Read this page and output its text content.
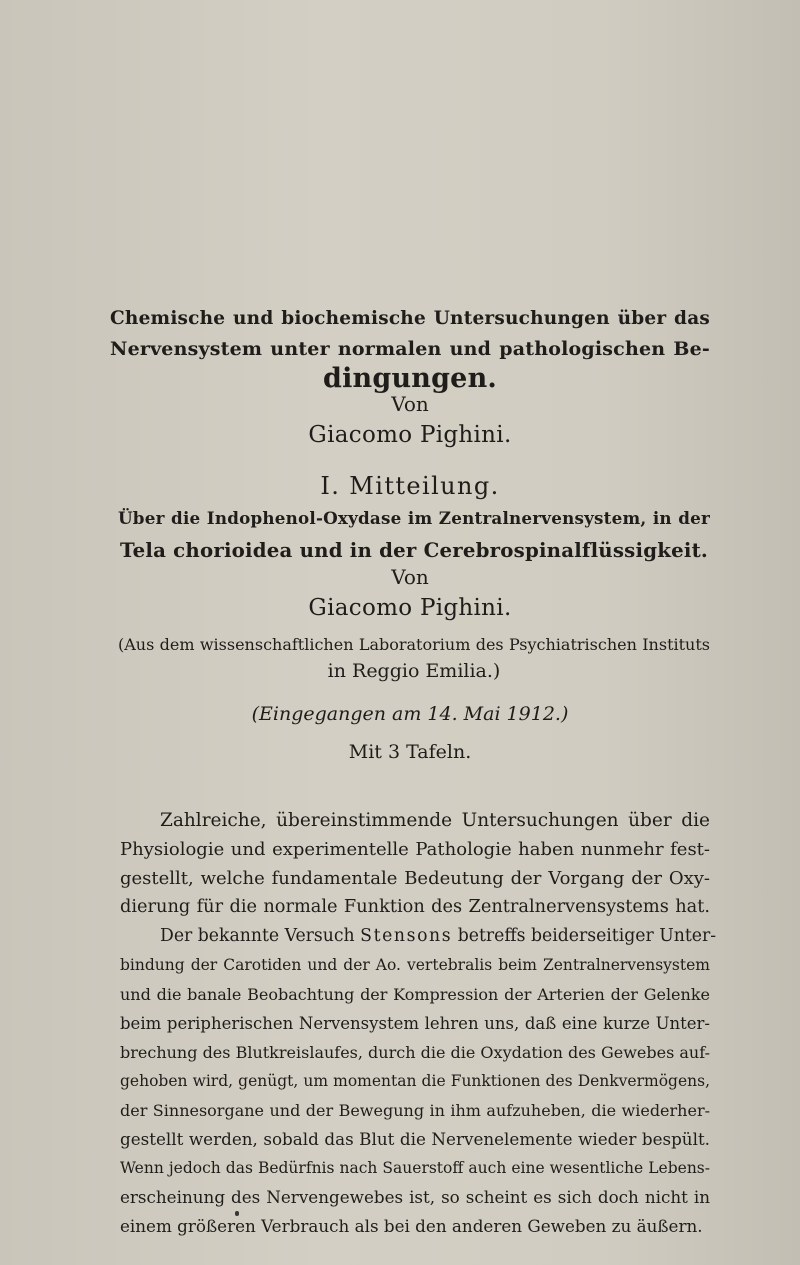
Chemische und biochemische Untersuchungen über das
Nervensystem unter normalen und pathologischen Be-
dingungen.
Von
Giacomo Pighini.
I. Mitteilung.
Über die Indophenol-Oxydase im Zentralnervensystem, in der
Tela chorioidea und in der Cerebrospinalflüssigkeit.
Von
Giacomo Pighini.
(Aus dem wissenschaftlichen Laboratorium des Psychiatrischen Instituts
in Reggio Emilia.)
(Eingegangen am 14. Mai 1912.)
Mit 3 Tafeln.
Zahlreiche, übereinstimmende Untersuchungen über die
Physiologie und experimentelle Pathologie haben nunmehr fest-
gestellt, welche fundamentale Bedeutung der Vorgang der Oxy-
dierung für die normale Funktion des Zentralnervensystems hat.
Der bekannte Versuch Stensons betreffs beiderseitiger Unter-
bindung der Carotiden und der Ao. vertebralis beim Zentralnervensystem
und die banale Beobachtung der Kompression der Arterien der Gelenke
beim peripherischen Nervensystem lehren uns, daß eine kurze Unter-
brechung des Blutkreislaufes, durch die die Oxydation des Gewebes auf-
gehoben wird, genügt, um momentan die Funktionen des Denkvermögens,
der Sinnesorgane und der Bewegung in ihm aufzuheben, die wiederher-
gestellt werden, sobald das Blut die Nervenelemente wieder bespült.
Wenn jedoch das Bedürfnis nach Sauerstoff auch eine wesentliche Lebens-
erscheinung des Nervengewebes ist, so scheint es sich doch nicht in
einem größeren Verbrauch als bei den anderen Geweben zu äußern.
